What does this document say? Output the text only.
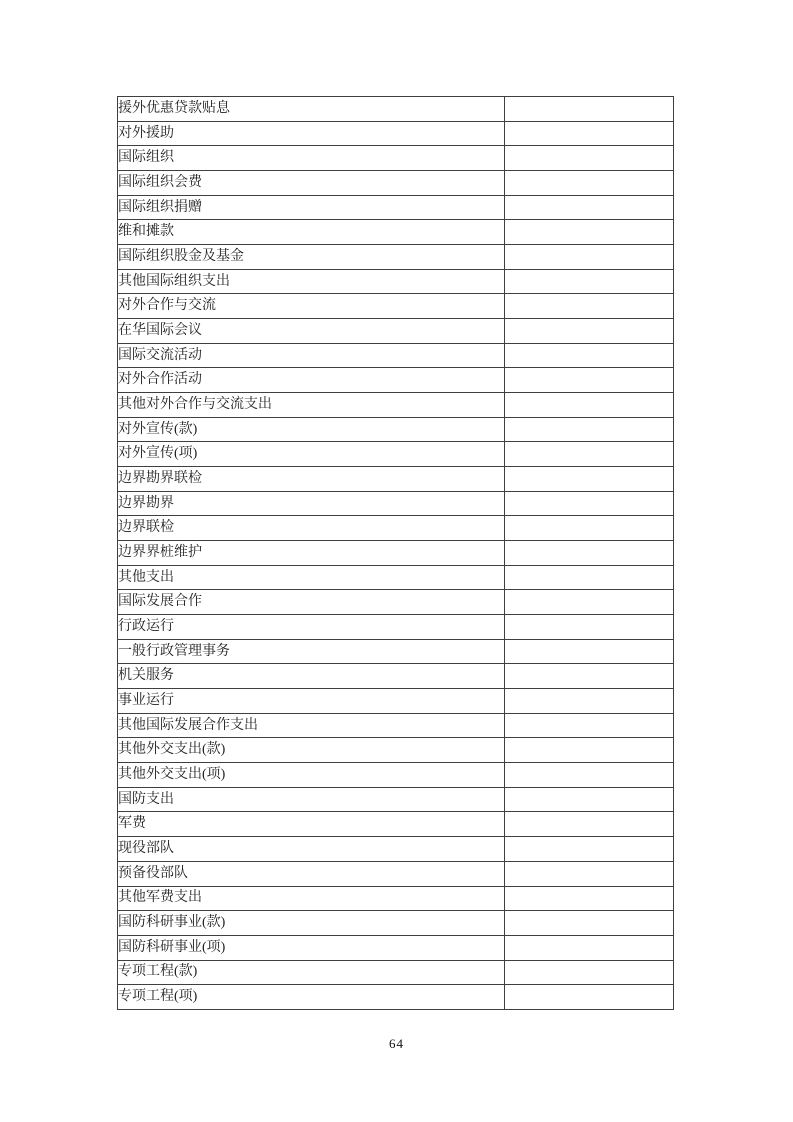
援外优惠贷款贴息	
对外援助	
国际组织	
国际组织会费	
国际组织捐赠	
维和摊款	
国际组织股金及基金	
其他国际组织支出	
对外合作与交流	
在华国际会议	
国际交流活动	
对外合作活动	
其他对外合作与交流支出	
对外宣传(款)	
对外宣传(项)	
边界勘界联检	
边界勘界	
边界联检	
边界界桩维护	
其他支出	
国际发展合作	
行政运行	
一般行政管理事务	
机关服务	
事业运行	
其他国际发展合作支出	
其他外交支出(款)	
其他外交支出(项)	
国防支出	
军费	
现役部队	
预备役部队	
其他军费支出	
国防科研事业(款)	
国防科研事业(项)	
专项工程(款)	
专项工程(项)	
64
